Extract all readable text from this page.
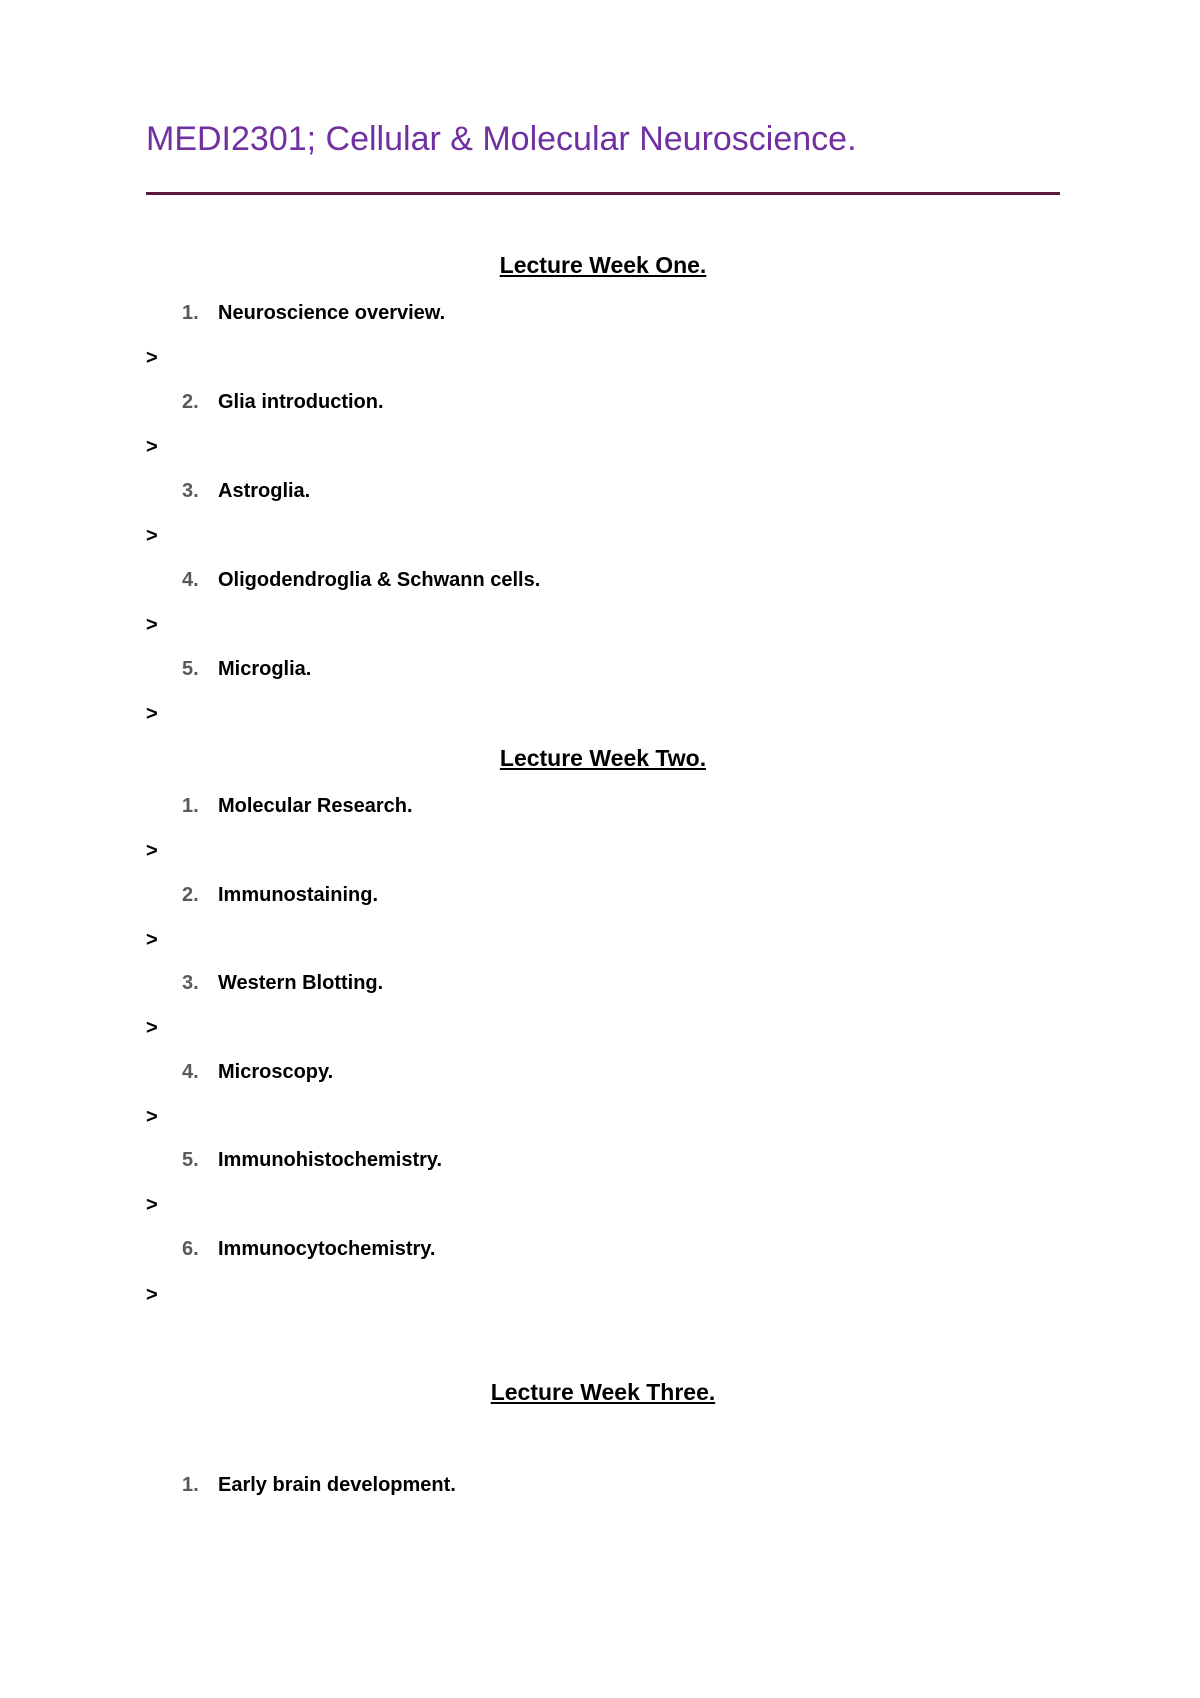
MEDI2301; Cellular & Molecular Neuroscience.
Lecture Week One.
1. Neuroscience overview.
>
2. Glia introduction.
>
3. Astroglia.
>
4. Oligodendroglia & Schwann cells.
>
5. Microglia.
>
Lecture Week Two.
1. Molecular Research.
>
2. Immunostaining.
>
3. Western Blotting.
>
4. Microscopy.
>
5. Immunohistochemistry.
>
6. Immunocytochemistry.
>
Lecture Week Three.
1. Early brain development.
